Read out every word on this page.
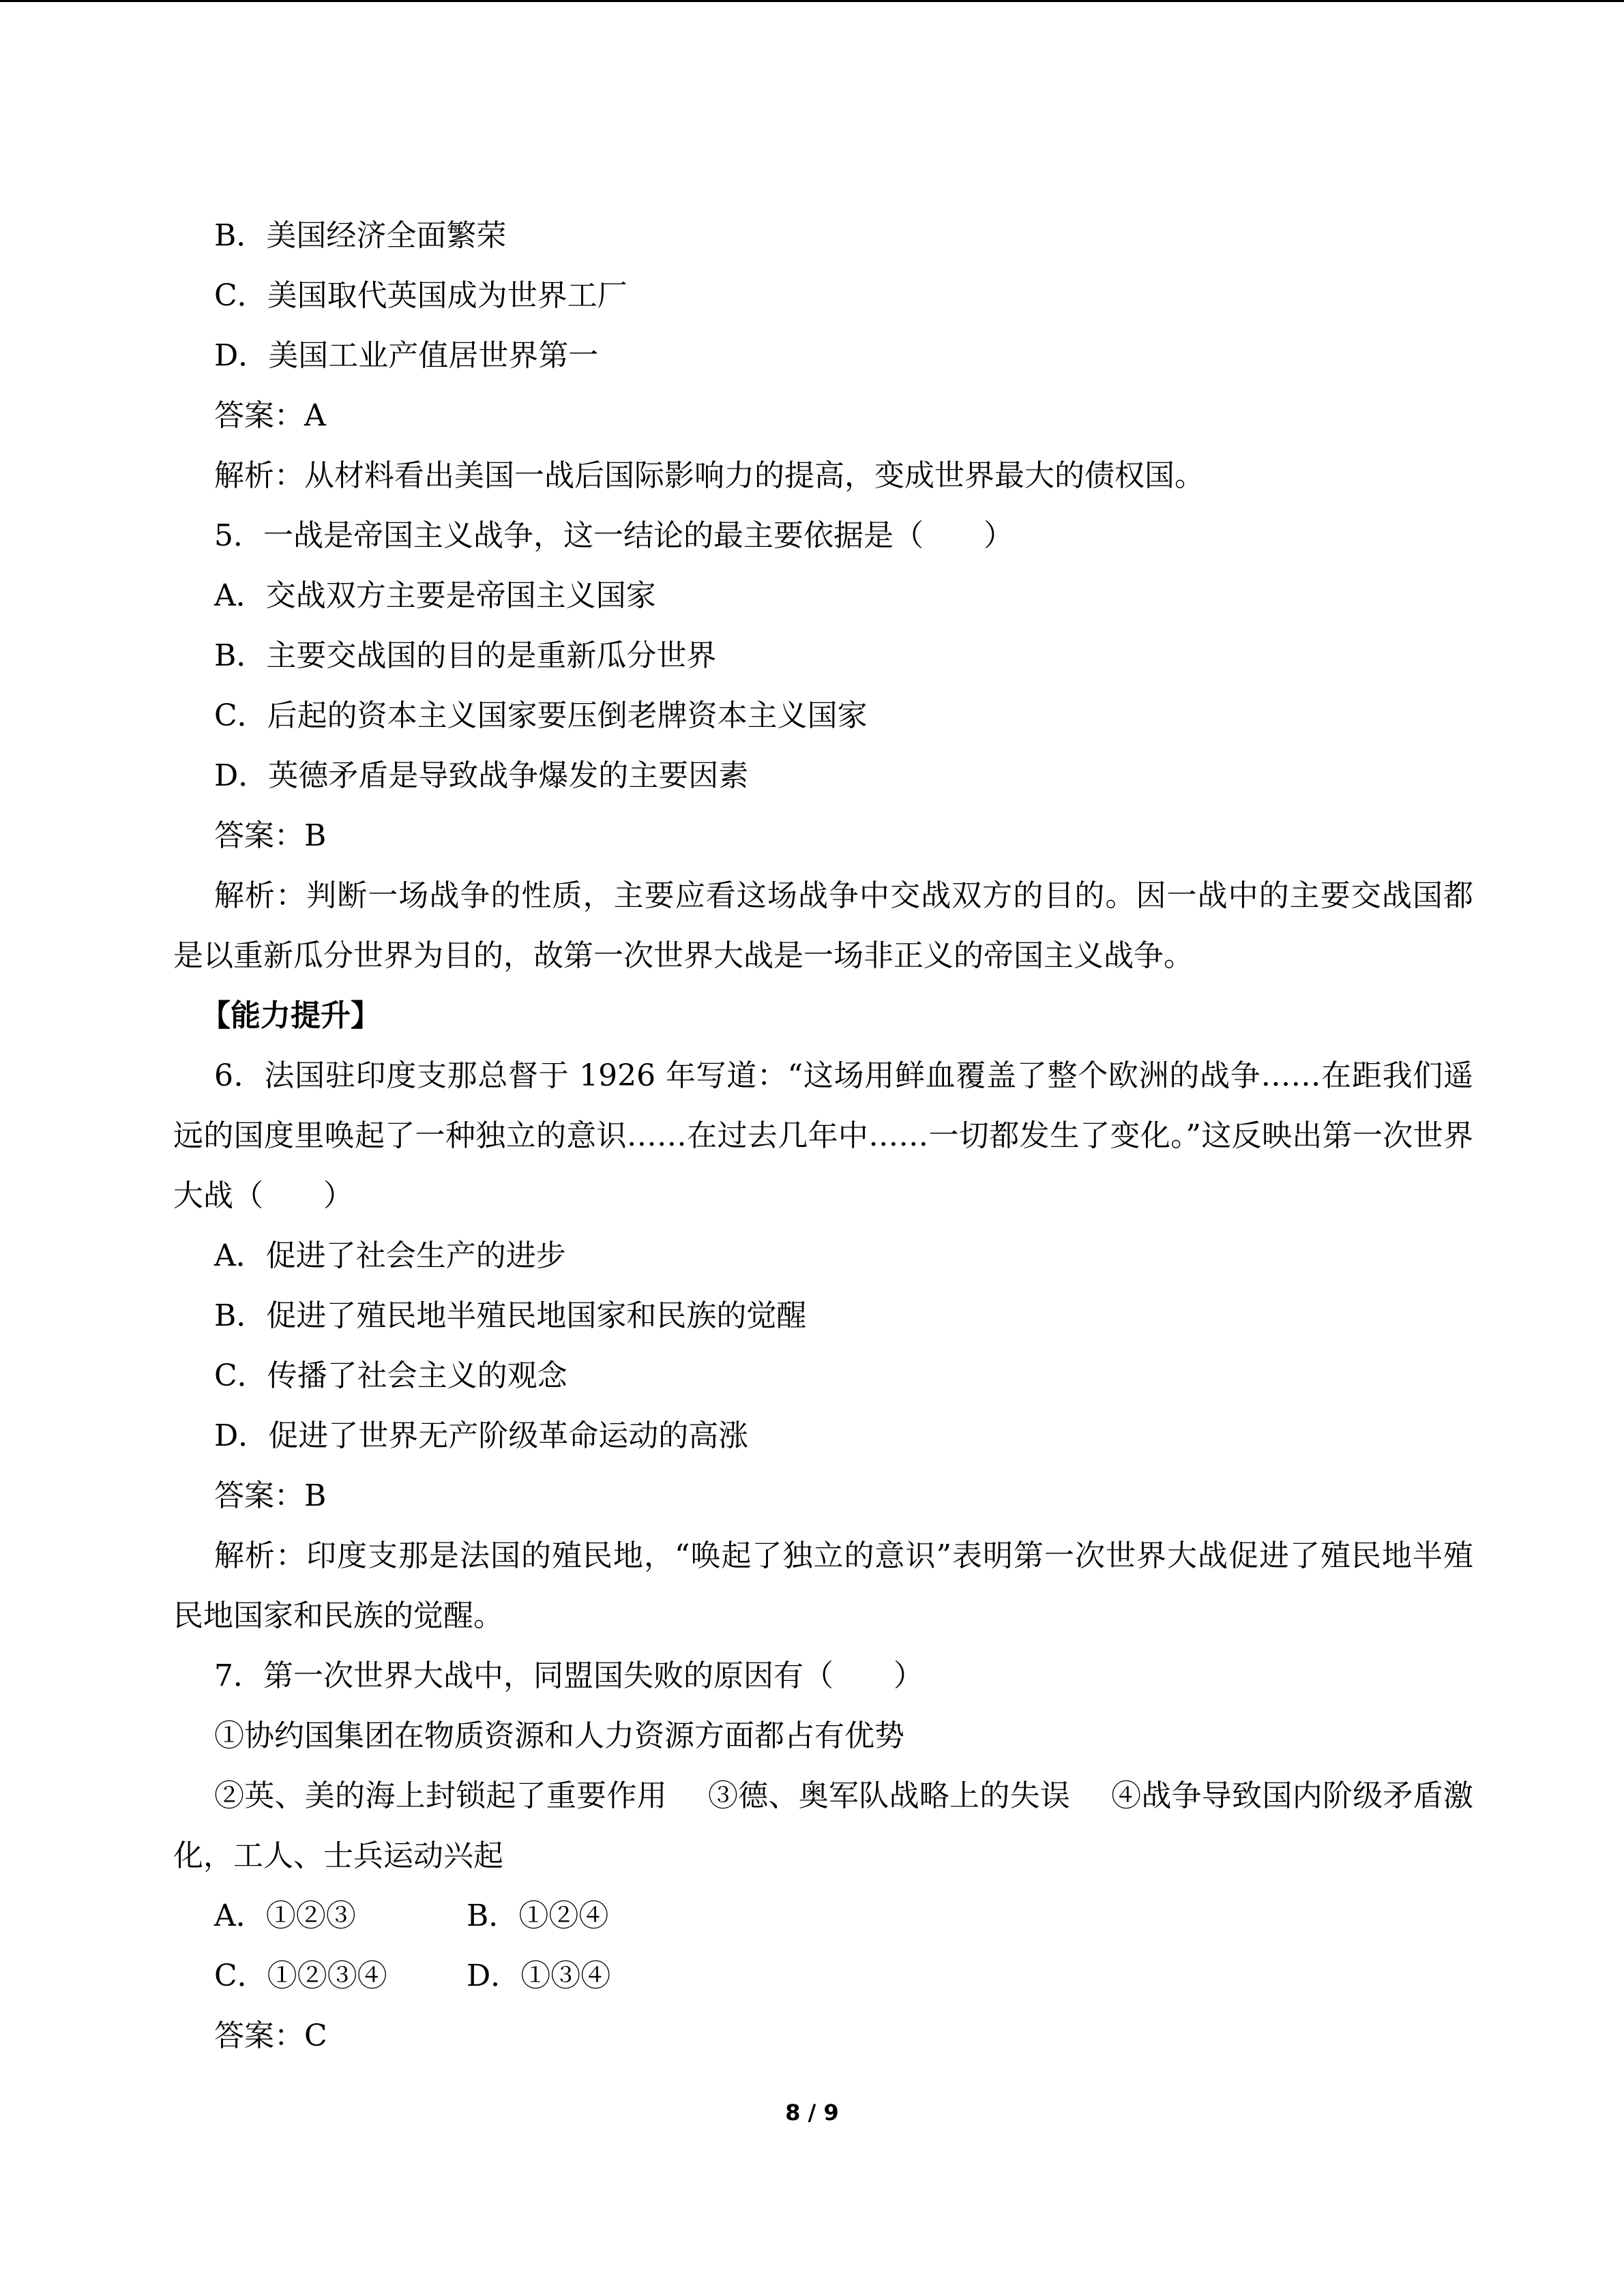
B．美国经济全面繁荣
C．美国取代英国成为世界工厂
D．美国工业产值居世界第一
答案：A
解析：从材料看出美国一战后国际影响力的提高，变成世界最大的债权国。
5．一战是帝国主义战争，这一结论的最主要依据是（　　）
A．交战双方主要是帝国主义国家
B．主要交战国的目的是重新瓜分世界
C．后起的资本主义国家要压倒老牌资本主义国家
D．英德矛盾是导致战争爆发的主要因素
答案：B
解析：判断一场战争的性质，主要应看这场战争中交战双方的目的。因一战中的主要交战国都是以重新瓜分世界为目的，故第一次世界大战是一场非正义的帝国主义战争。
【能力提升】
6．法国驻印度支那总督于 1926 年写道：“这场用鲜血覆盖了整个欧洲的战争……在距我们遥远的国度里唤起了一种独立的意识……在过去几年中……一切都发生了变化。”这反映出第一次世界大战（　　）
A．促进了社会生产的进步
B．促进了殖民地半殖民地国家和民族的觉醒
C．传播了社会主义的观念
D．促进了世界无产阶级革命运动的高涨
答案：B
解析：印度支那是法国的殖民地，“唤起了独立的意识”表明第一次世界大战促进了殖民地半殖民地国家和民族的觉醒。
7．第一次世界大战中，同盟国失败的原因有（　　）
①协约国集团在物质资源和人力资源方面都占有优势
②英、美的海上封锁起了重要作用 ③德、奥军队战略上的失误 ④战争导致国内阶级矛盾激化，工人、士兵运动兴起
A．①②③	B．①②④
C．①②③④	D．①③④
答案：C
8 / 9
